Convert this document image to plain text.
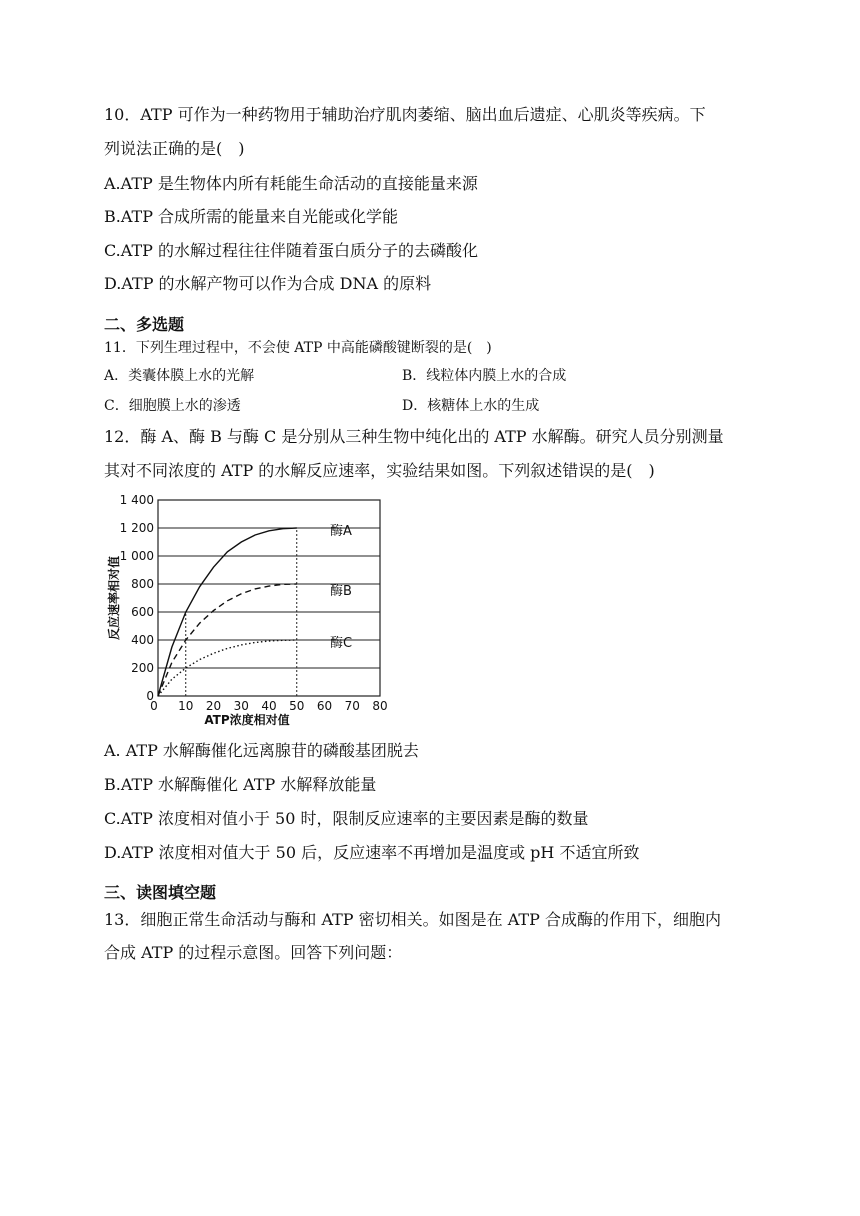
10．ATP 可作为一种药物用于辅助治疗肌肉萎缩、脑出血后遗症、心肌炎等疾病。下
列说法正确的是(　)
A.ATP 是生物体内所有耗能生命活动的直接能量来源
B.ATP 合成所需的能量来自光能或化学能
C.ATP 的水解过程往往伴随着蛋白质分子的去磷酸化
D.ATP 的水解产物可以作为合成 DNA 的原料
二、多选题
11．下列生理过程中，不会使 ATP 中高能磷酸键断裂的是(　)
A．类囊体膜上水的光解	B．线粒体内膜上水的合成
C．细胞膜上水的渗透	D．核糖体上水的生成
12．酶 A、酶 B 与酶 C 是分别从三种生物中纯化出的 ATP 水解酶。研究人员分别测量
其对不同浓度的 ATP 的水解反应速率，实验结果如图。下列叙述错误的是(　)
0
200
400
600
800
1 000
1 200
1 400
0 10 20 30 40 50 60 70 80
ATP浓度相对值
反应速率相对值
酶A
酶B
酶C
A. ATP 水解酶催化远离腺苷的磷酸基团脱去
B.ATP 水解酶催化 ATP 水解释放能量
C.ATP 浓度相对值小于 50 时，限制反应速率的主要因素是酶的数量
D.ATP 浓度相对值大于 50 后，反应速率不再增加是温度或 pH 不适宜所致
三、读图填空题
13．细胞正常生命活动与酶和 ATP 密切相关。如图是在 ATP 合成酶的作用下，细胞内
合成 ATP 的过程示意图。回答下列问题：
